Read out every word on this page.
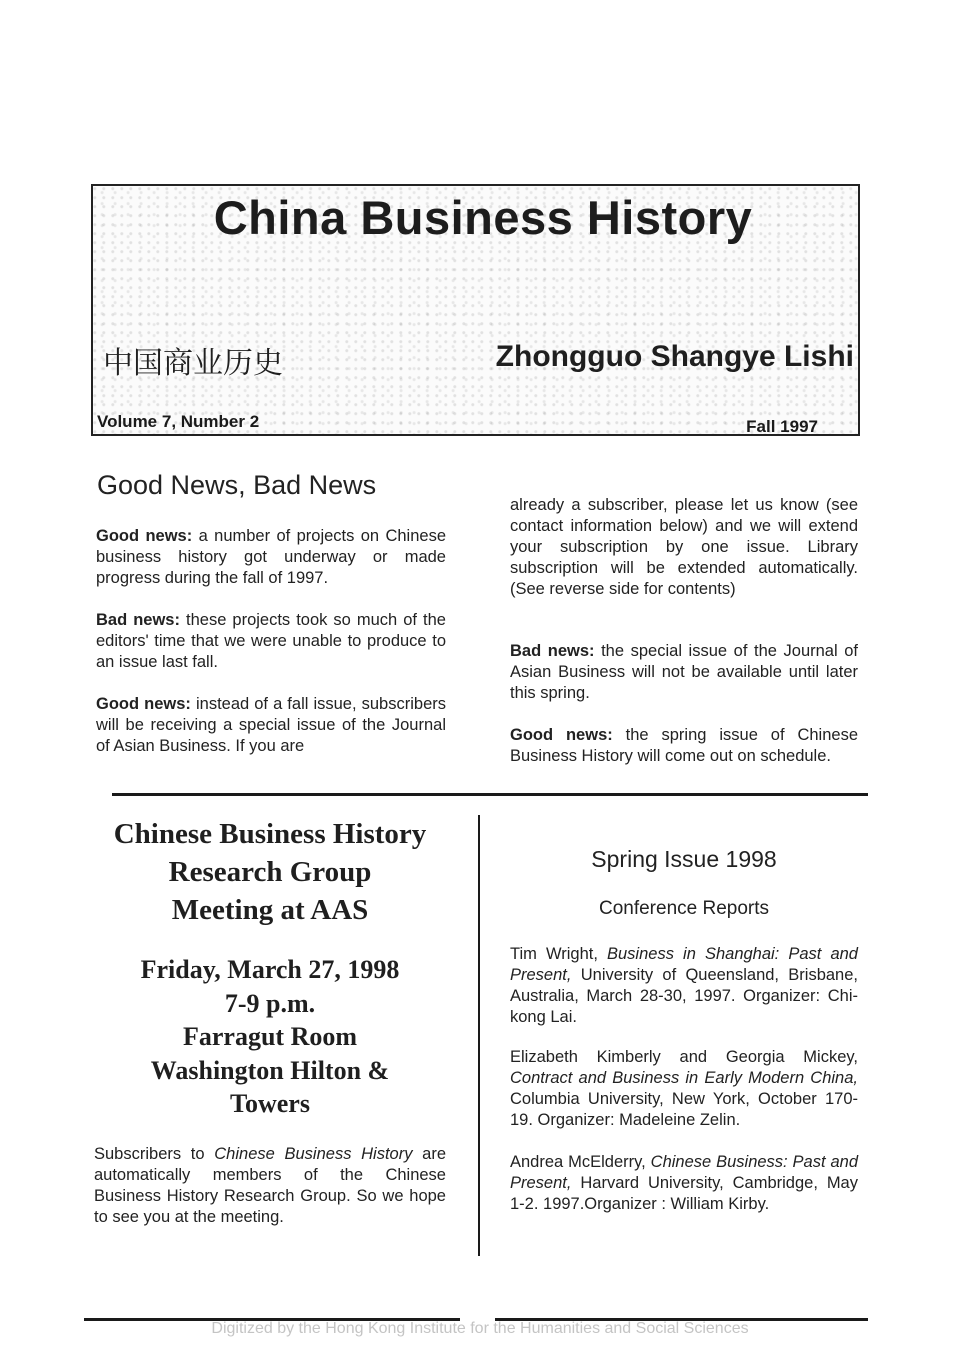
China Business History
中国商业历史	Zhongguo Shangye Lishi
Volume 7, Number 2	Fall 1997
Good News, Bad News

Good news: a number of projects on Chinese business history got underway or made progress during the fall of 1997.

Bad news: these projects took so much of the editors' time that we were unable to produce to an issue last fall.

Good news: instead of a fall issue, subscribers will be receiving a special issue of the Journal of Asian Business. If you are

already a subscriber, please let us know (see contact information below) and we will extend your subscription by one issue. Library subscription will be extended automatically. (See reverse side for contents)

Bad news: the special issue of the Journal of Asian Business will not be available until later this spring.

Good news: the spring issue of Chinese Business History will come out on schedule.

Chinese Business History
Research Group
Meeting at AAS
Friday, March 27, 1998
7-9 p.m.
Farragut Room
Washington Hilton &
Towers

Subscribers to Chinese Business History are automatically members of the Chinese Business History Research Group. So we hope to see you at the meeting.

Spring Issue 1998
Conference Reports

Tim Wright, Business in Shanghai: Past and Present, University of Queensland, Brisbane, Australia, March 28-30, 1997. Organizer: Chi-kong Lai.

Elizabeth Kimberly and Georgia Mickey, Contract and Business in Early Modern China, Columbia University, New York, October 170-19. Organizer: Madeleine Zelin.

Andrea McElderry, Chinese Business: Past and Present, Harvard University, Cambridge, May 1-2. 1997.Organizer : William Kirby.

Digitized by the Hong Kong Institute for the Humanities and Social Sciences
